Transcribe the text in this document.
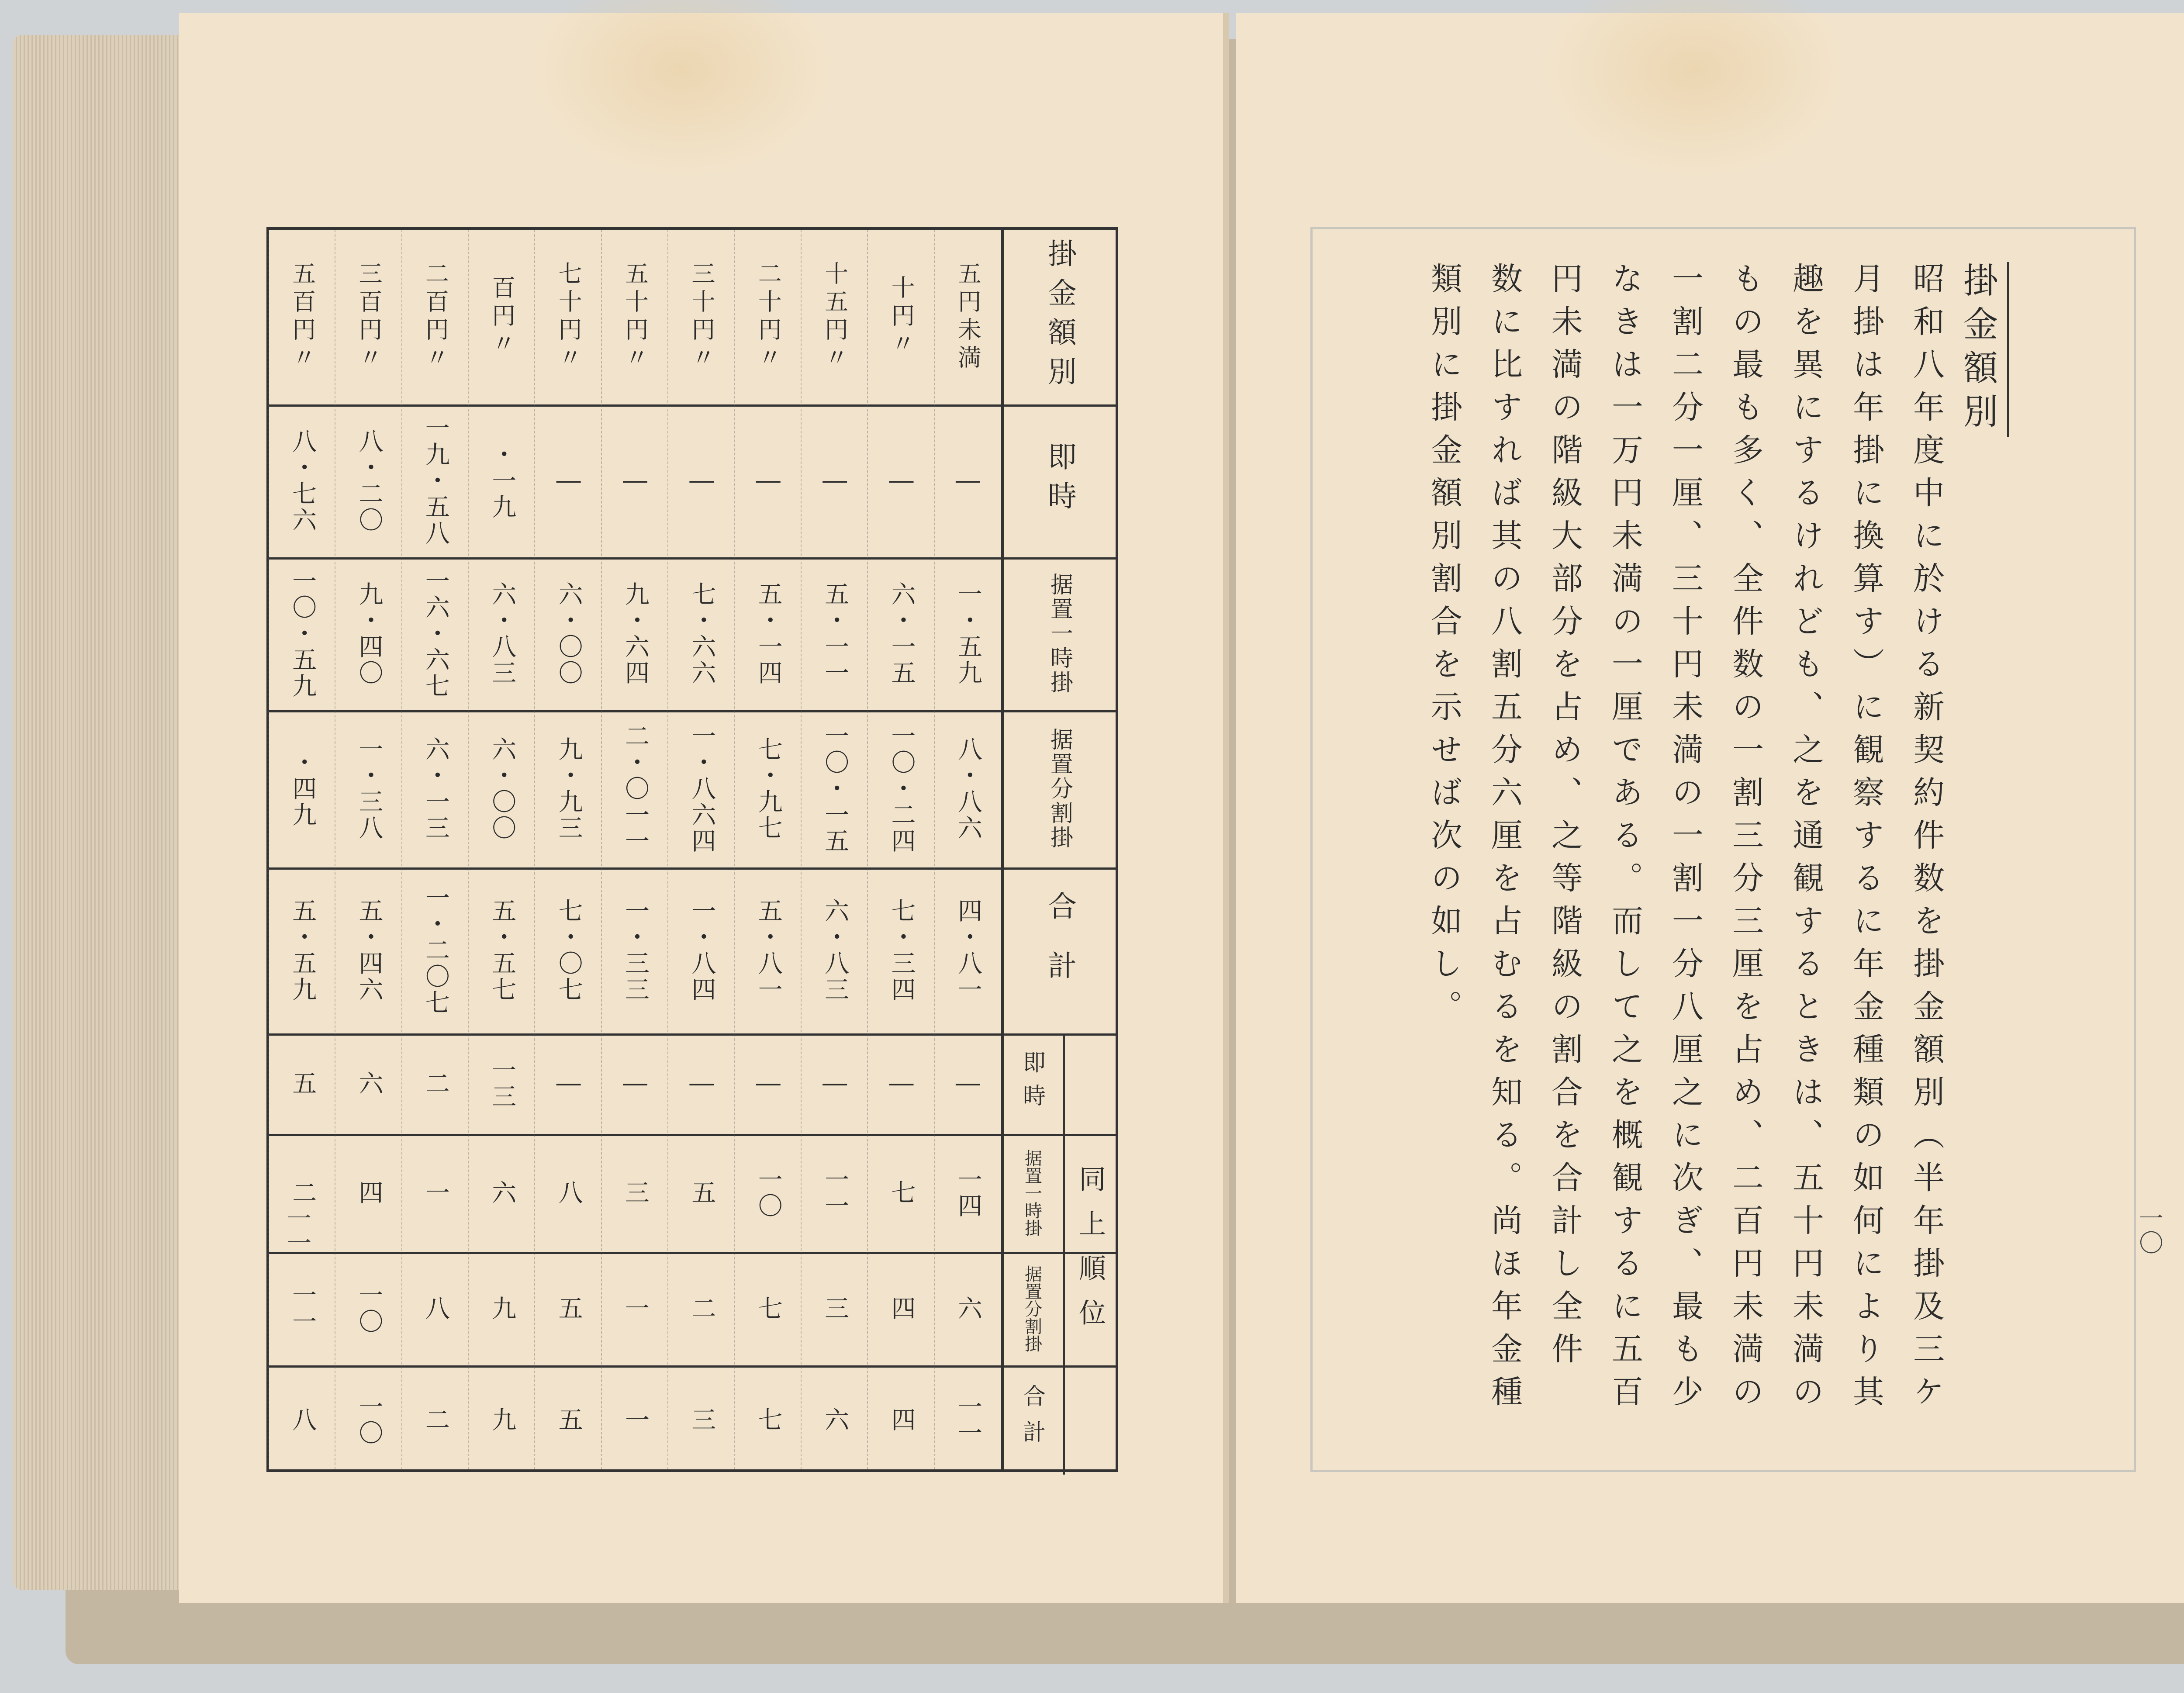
掛金額別
即時
据置一時掛
据置分割掛
合計
同上順位
即時
据置一時掛
据置分割掛
合計
五円未満
―
一・五九
八・八六
四・八一
―
一四
六
一一
十円〃
―
六・一五
一〇・二四
七・三四
―
七
四
四
十五円〃
―
五・一一
一〇・一五
六・八三
―
一一
三
六
二十円〃
―
五・一四
七・九七
五・八一
―
一〇
七
七
三十円〃
―
七・六六
一・八六四
一・八四
―
五
二
三
五十円〃
―
九・六四
二・〇一一
一・三三
―
三
一
一
七十円〃
―
六・〇〇
九・九三
七・〇七
―
八
五
五
百円〃
・一九
六・八三
六・〇〇
五・五七
一三
六
九
九
二百円〃
一九・五八
一六・六七
六・一三
一・二〇七
二
一
八
二
三百円〃
八・二〇
九・四〇
一・三八
五・四六
六
四
一〇
一〇
五百円〃
八・七六
一〇・五九
・四九
五・五九
五
二
一一
八
一一
掛金額別
昭和八年度中に於ける新契約件数を掛金額別（半年掛及三ケ
月掛は年掛に換算す）に観察するに年金種類の如何により其
趣を異にするけれども、之を通観するときは、五十円未満の
もの最も多く、全件数の一割三分三厘を占め、二百円未満の
一割二分一厘、三十円未満の一割一分八厘之に次ぎ、最も少
なきは一万円未満の一厘である。而して之を概観するに五百
円未満の階級大部分を占め、之等階級の割合を合計し全件
数に比すれば其の八割五分六厘を占むるを知る。尚ほ年金種
類別に掛金額別割合を示せば次の如し。
一〇
